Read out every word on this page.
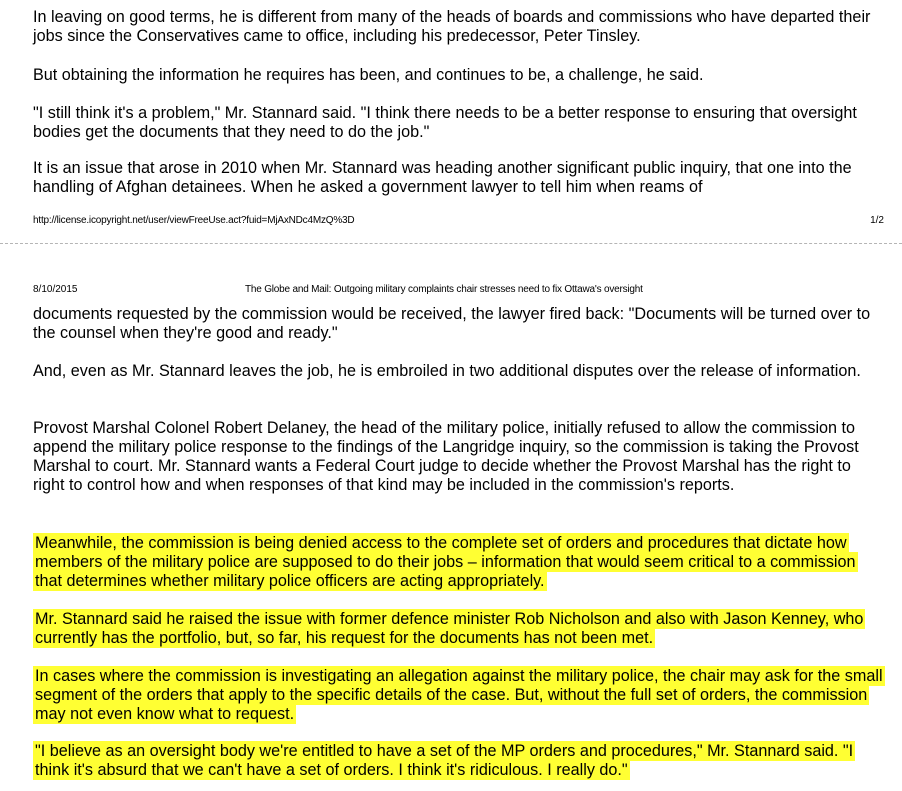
In leaving on good terms, he is different from many of the heads of boards and commissions who have departed their jobs since the Conservatives came to office, including his predecessor, Peter Tinsley.

But obtaining the information he requires has been, and continues to be, a challenge, he said.

"I still think it's a problem," Mr. Stannard said. "I think there needs to be a better response to ensuring that oversight bodies get the documents that they need to do the job."

It is an issue that arose in 2010 when Mr. Stannard was heading another significant public inquiry, that one into the handling of Afghan detainees. When he asked a government lawyer to tell him when reams of

http://license.icopyright.net/user/viewFreeUse.act?fuid=MjAxNDc4MzQ%3D	1/2
8/10/2015	The Globe and Mail: Outgoing military complaints chair stresses need to fix Ottawa's oversight

documents requested by the commission would be received, the lawyer fired back: "Documents will be turned over to the counsel when they're good and ready."

And, even as Mr. Stannard leaves the job, he is embroiled in two additional disputes over the release of information.

Provost Marshal Colonel Robert Delaney, the head of the military police, initially refused to allow the commission to append the military police response to the findings of the Langridge inquiry, so the commission is taking the Provost Marshal to court. Mr. Stannard wants a Federal Court judge to decide whether the Provost Marshal has the right to right to control how and when responses of that kind may be included in the commission's reports.

Meanwhile, the commission is being denied access to the complete set of orders and procedures that dictate how members of the military police are supposed to do their jobs – information that would seem critical to a commission that determines whether military police officers are acting appropriately.

Mr. Stannard said he raised the issue with former defence minister Rob Nicholson and also with Jason Kenney, who currently has the portfolio, but, so far, his request for the documents has not been met.

In cases where the commission is investigating an allegation against the military police, the chair may ask for the small segment of the orders that apply to the specific details of the case. But, without the full set of orders, the commission may not even know what to request.

"I believe as an oversight body we're entitled to have a set of the MP orders and procedures," Mr. Stannard said. "I think it's absurd that we can't have a set of orders. I think it's ridiculous. I really do."
